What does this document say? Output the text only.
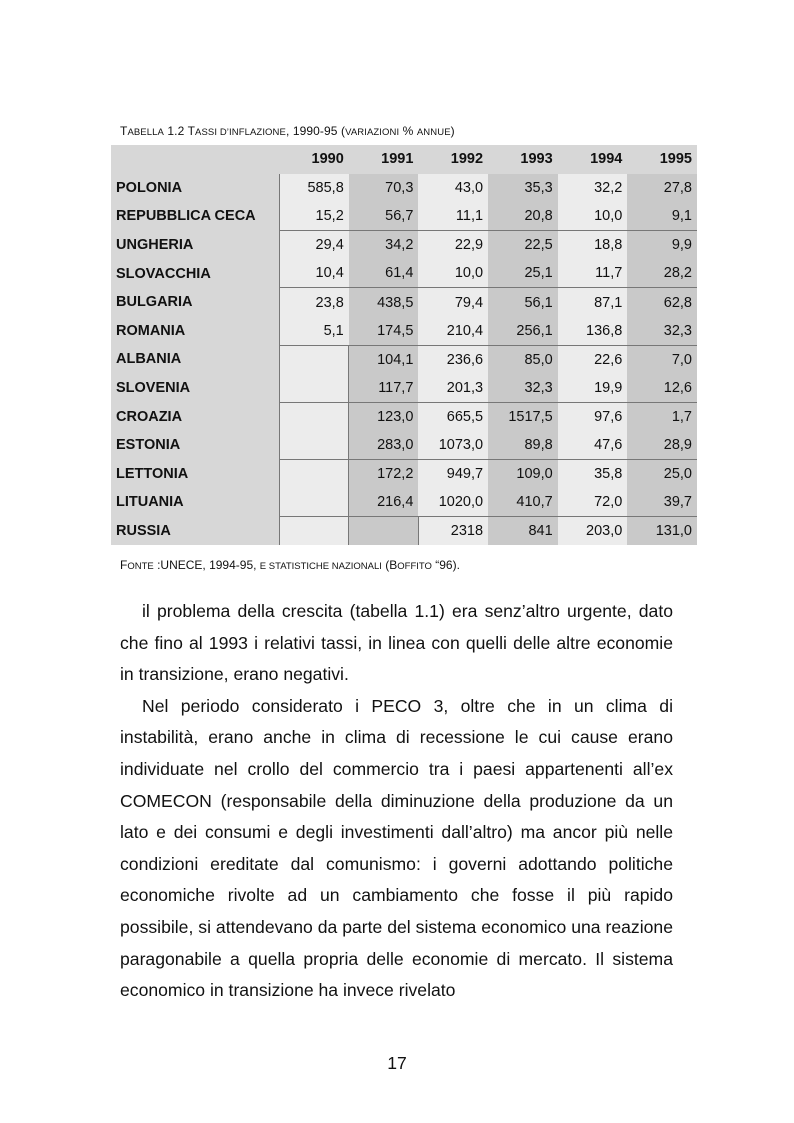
TABELLA 1.2 TASSI D’INFLAZIONE, 1990-95 (VARIAZIONI % ANNUE)
	1990	1991	1992	1993	1994	1995
POLONIA	585,8	70,3	43,0	35,3	32,2	27,8
REPUBBLICA CECA	15,2	56,7	11,1	20,8	10,0	9,1
UNGHERIA	29,4	34,2	22,9	22,5	18,8	9,9
SLOVACCHIA	10,4	61,4	10,0	25,1	11,7	28,2
BULGARIA	23,8	438,5	79,4	56,1	87,1	62,8
ROMANIA	5,1	174,5	210,4	256,1	136,8	32,3
ALBANIA		104,1	236,6	85,0	22,6	7,0
SLOVENIA		117,7	201,3	32,3	19,9	12,6
CROAZIA		123,0	665,5	1517,5	97,6	1,7
ESTONIA		283,0	1073,0	89,8	47,6	28,9
LETTONIA		172,2	949,7	109,0	35,8	25,0
LITUANIA		216,4	1020,0	410,7	72,0	39,7
RUSSIA			2318	841	203,0	131,0
FONTE :UNECE, 1994-95, E STATISTICHE NAZIONALI (BOFFITO “96).

il problema della crescita (tabella 1.1) era senz’altro urgente, dato che fino al 1993 i relativi tassi, in linea con quelli delle altre economie in transizione, erano negativi.

Nel periodo considerato i PECO 3, oltre che in un clima di instabilità, erano anche in clima di recessione le cui cause erano individuate nel crollo del commercio tra i paesi appartenenti all’ex COMECON (responsabile della diminuzione della produzione da un lato e dei consumi e degli investimenti dall’altro) ma ancor più nelle condizioni ereditate dal comunismo: i governi adottando politiche economiche rivolte ad un cambiamento che fosse il più rapido possibile, si attendevano da parte del sistema economico una reazione paragonabile a quella propria delle economie di mercato. Il sistema economico in transizione ha invece rivelato

17
